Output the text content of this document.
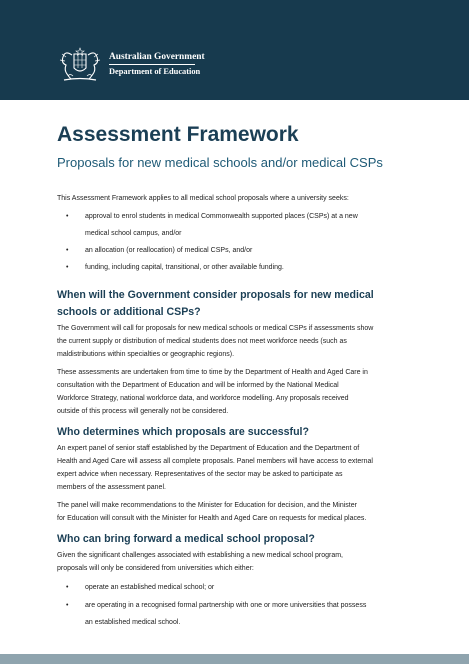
Australian Government
Department of Education
Assessment Framework
Proposals for new medical schools and/or medical CSPs
This Assessment Framework applies to all medical school proposals where a university seeks:
• approval to enrol students in medical Commonwealth supported places (CSPs) at a new
medical school campus, and/or
• an allocation (or reallocation) of medical CSPs, and/or
• funding, including capital, transitional, or other available funding.
When will the Government consider proposals for new medical
schools or additional CSPs?
The Government will call for proposals for new medical schools or medical CSPs if assessments show
the current supply or distribution of medical students does not meet workforce needs (such as
maldistributions within specialties or geographic regions).
These assessments are undertaken from time to time by the Department of Health and Aged Care in
consultation with the Department of Education and will be informed by the National Medical
Workforce Strategy, national workforce data, and workforce modelling. Any proposals received
outside of this process will generally not be considered.
Who determines which proposals are successful?
An expert panel of senior staff established by the Department of Education and the Department of
Health and Aged Care will assess all complete proposals. Panel members will have access to external
expert advice when necessary. Representatives of the sector may be asked to participate as
members of the assessment panel.
The panel will make recommendations to the Minister for Education for decision, and the Minister
for Education will consult with the Minister for Health and Aged Care on requests for medical places.
Who can bring forward a medical school proposal?
Given the significant challenges associated with establishing a new medical school program,
proposals will only be considered from universities which either:
• operate an established medical school; or
• are operating in a recognised formal partnership with one or more universities that possess
an established medical school.
